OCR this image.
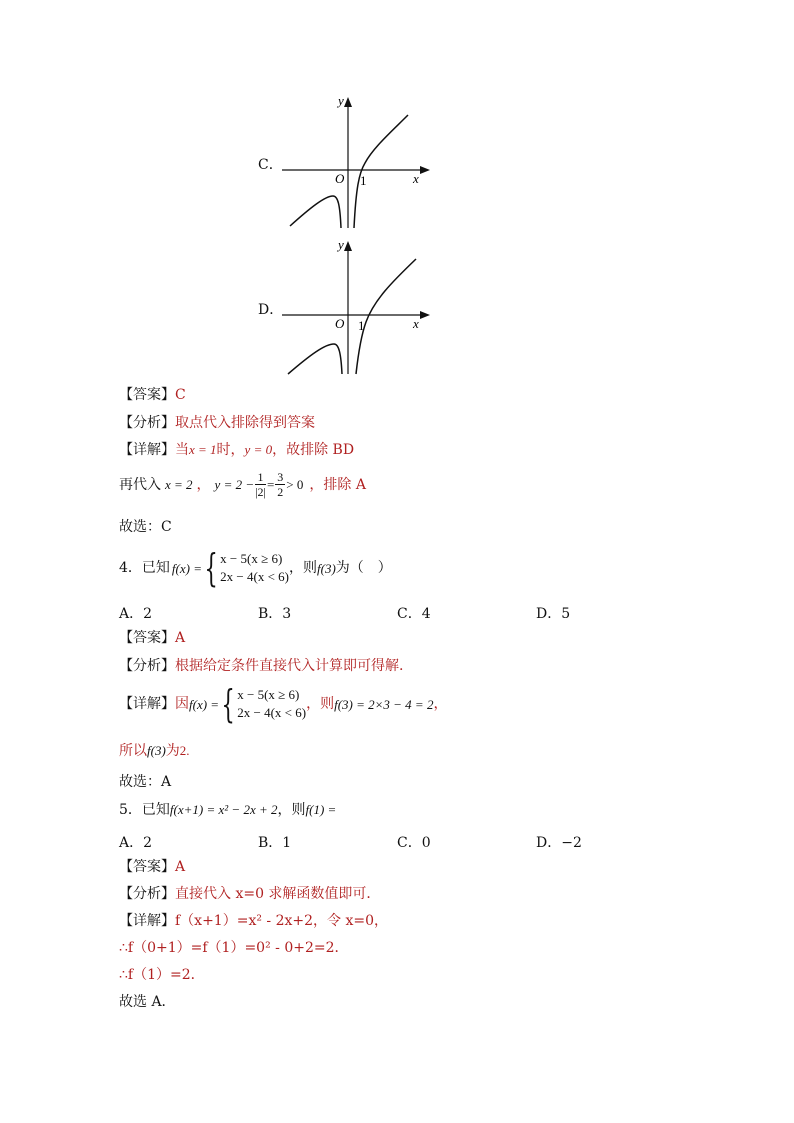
C．
y
O 1	x
D．
y
O 1	x
【答案】C
【分析】取点代入排除得到答案
【详解】当x = 1时，y = 0，故排除 BD
再代入 x = 2 ， $y = 2 - \frac{1}{|2|} = \frac{3}{2} > 0$ ，排除 A
故选：C
4．已知 f(x) = { x − 5(x ≥ 6)
2x − 4(x < 6)
，则 f(3) 为（　）
A．2	B．3	C．4	D．5
【答案】A
【分析】根据给定条件直接代入计算即可得解.
【详解】 因 f(x) = { x − 5(x ≥ 6)
2x − 4(x < 6)
，则 f(3) = 2×3 − 4 = 2 ，
所以f(3)为2.
故选：A
5．已知f(x+1) = x² − 2x + 2，则f(1) =
A．2	B．1	C．0	D．−2
【答案】A
【分析】直接代入 x=0 求解函数值即可．
【详解】f（x+1）=x² - 2x+2，令 x=0，
∴f（0+1）=f（1）=0² - 0+2=2．
∴f（1）=2．
故选 A．
